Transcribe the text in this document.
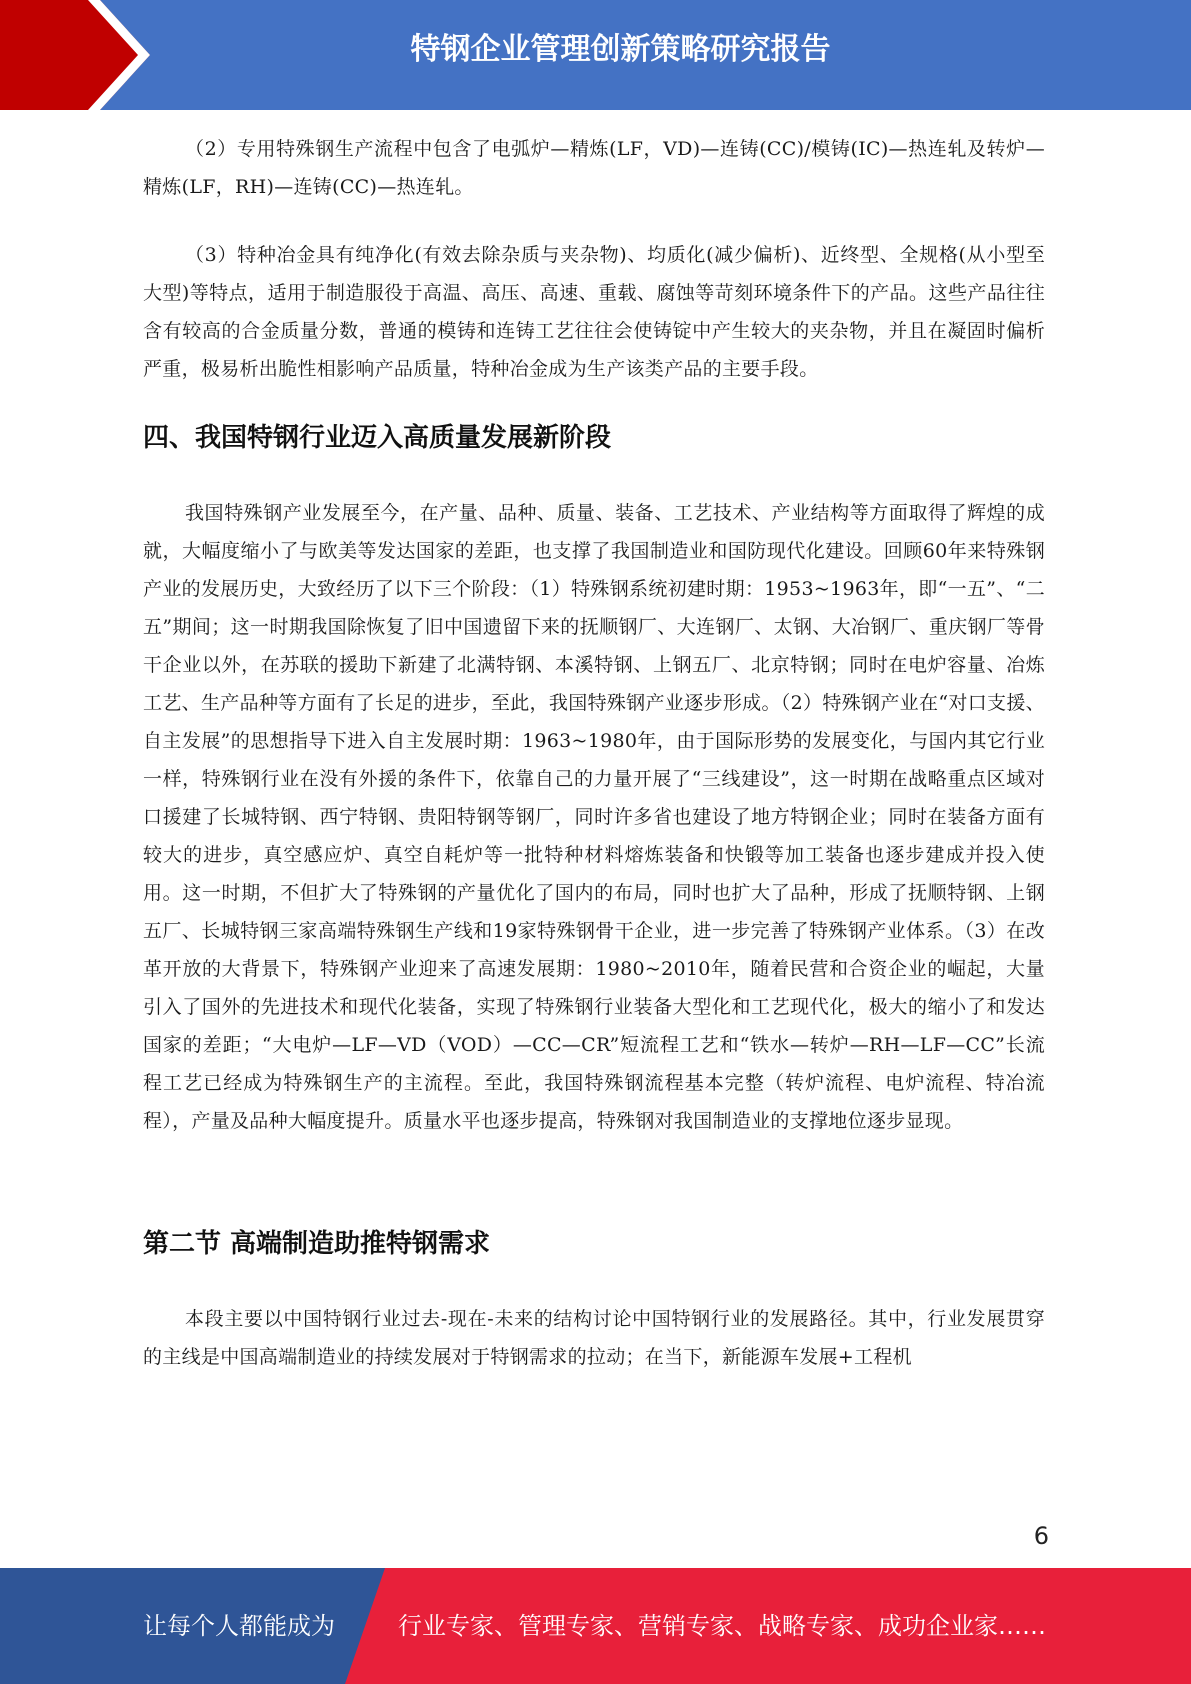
特钢企业管理创新策略研究报告

（2）专用特殊钢生产流程中包含了电弧炉—精炼(LF，VD)—连铸(CC)/模铸(IC)—热连轧及转炉—精炼(LF，RH)—连铸(CC)—热连轧。

（3）特种冶金具有纯净化(有效去除杂质与夹杂物)、均质化(减少偏析)、近终型、全规格(从小型至大型)等特点，适用于制造服役于高温、高压、高速、重载、腐蚀等苛刻环境条件下的产品。这些产品往往含有较高的合金质量分数，普通的模铸和连铸工艺往往会使铸锭中产生较大的夹杂物，并且在凝固时偏析严重，极易析出脆性相影响产品质量，特种冶金成为生产该类产品的主要手段。

四、我国特钢行业迈入高质量发展新阶段

我国特殊钢产业发展至今，在产量、品种、质量、装备、工艺技术、产业结构等方面取得了辉煌的成就，大幅度缩小了与欧美等发达国家的差距，也支撑了我国制造业和国防现代化建设。回顾60年来特殊钢产业的发展历史，大致经历了以下三个阶段：（1）特殊钢系统初建时期：1953~1963年，即“一五”、“二五”期间；这一时期我国除恢复了旧中国遗留下来的抚顺钢厂、大连钢厂、太钢、大冶钢厂、重庆钢厂等骨干企业以外，在苏联的援助下新建了北满特钢、本溪特钢、上钢五厂、北京特钢；同时在电炉容量、冶炼工艺、生产品种等方面有了长足的进步，至此，我国特殊钢产业逐步形成。（2）特殊钢产业在“对口支援、自主发展”的思想指导下进入自主发展时期：1963~1980年，由于国际形势的发展变化，与国内其它行业一样，特殊钢行业在没有外援的条件下，依靠自己的力量开展了“三线建设”，这一时期在战略重点区域对口援建了长城特钢、西宁特钢、贵阳特钢等钢厂，同时许多省也建设了地方特钢企业；同时在装备方面有较大的进步，真空感应炉、真空自耗炉等一批特种材料熔炼装备和快锻等加工装备也逐步建成并投入使用。这一时期，不但扩大了特殊钢的产量优化了国内的布局，同时也扩大了品种，形成了抚顺特钢、上钢五厂、长城特钢三家高端特殊钢生产线和19家特殊钢骨干企业，进一步完善了特殊钢产业体系。（3）在改革开放的大背景下，特殊钢产业迎来了高速发展期：1980~2010年，随着民营和合资企业的崛起，大量引入了国外的先进技术和现代化装备，实现了特殊钢行业装备大型化和工艺现代化，极大的缩小了和发达国家的差距；“大电炉—LF—VD（VOD）—CC—CR”短流程工艺和“铁水—转炉—RH—LF—CC”长流程工艺已经成为特殊钢生产的主流程。至此，我国特殊钢流程基本完整（转炉流程、电炉流程、特冶流程），产量及品种大幅度提升。质量水平也逐步提高，特殊钢对我国制造业的支撑地位逐步显现。

第二节 高端制造助推特钢需求

本段主要以中国特钢行业过去-现在-未来的结构讨论中国特钢行业的发展路径。其中，行业发展贯穿的主线是中国高端制造业的持续发展对于特钢需求的拉动；在当下，新能源车发展+工程机

6
让每个人都能成为	行业专家、管理专家、营销专家、战略专家、成功企业家……
